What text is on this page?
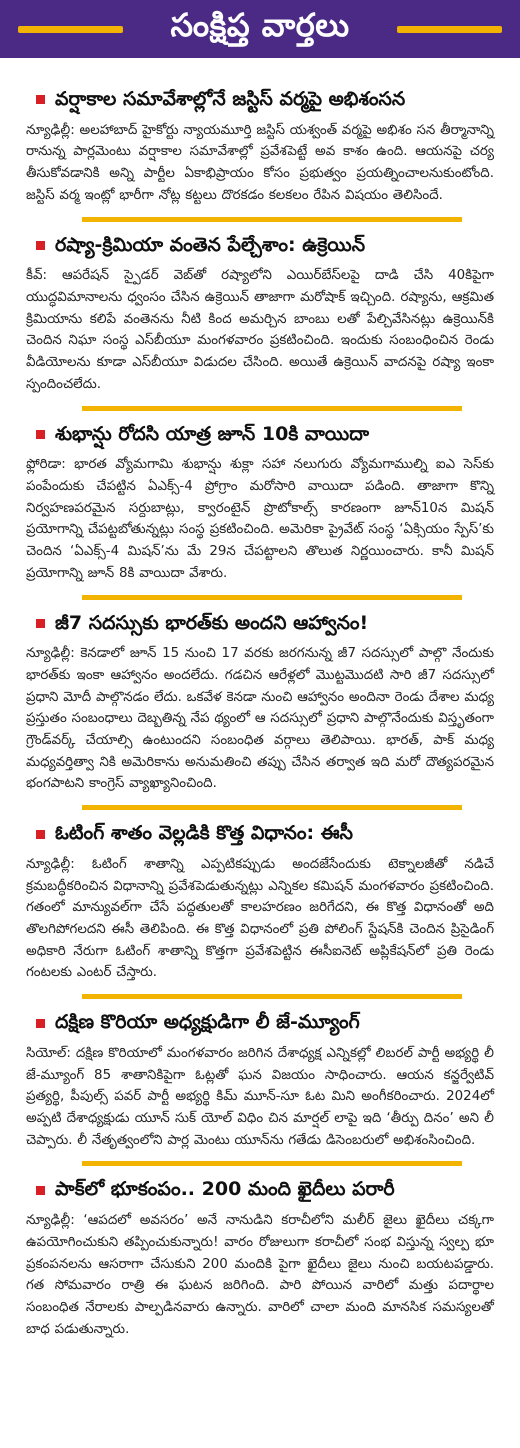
సంక్షిప్త వార్తలు
వర్షాకాల సమావేశాల్లోనే జస్టిస్ వర్మపై అభిశంసన
న్యూఢిల్లీ: అలహాబాద్ హైకోర్టు న్యాయమూర్తి జస్టిస్ యశ్వంత్ వర్మపై అభిశం సన తీర్మానాన్ని రానున్న పార్లమెంటు వర్షాకాల సమావేశాల్లో ప్రవేశపెట్టే అవ కాశం ఉంది. ఆయనపై చర్య తీసుకోవడానికి అన్ని పార్టీల ఏకాభిప్రాయం కోసం ప్రభుత్వం ప్రయత్నించాలనుకుంటోంది. జస్టిస్ వర్మ ఇంట్లో భారీగా నోట్ల కట్టలు దొరకడం కలకలం రేపిన విషయం తెలిసిందే.
రష్యా-క్రిమియా వంతెన పేల్చేశాం: ఉక్రెయిన్
కీవ్: ఆపరేషన్ స్పైడర్ వెబ్‌తో రష్యాలోని ఎయిర్‌బేస్‌లపై దాడి చేసి 40కిపైగా యుద్ధవిమానాలను ధ్వంసం చేసిన ఉక్రెయిన్ తాజాగా మరోషాక్ ఇచ్చింది. రష్యాను, ఆక్రమిత క్రిమియాను కలిపే వంతెనను నీటి కింద అమర్చిన బాంబు లతో పేల్చివేసినట్లు ఉక్రెయిన్‌కి చెందిన నిఘా సంస్థ ఎస్‌బీయూ మంగళవారం ప్రకటించింది. ఇందుకు సంబంధించిన రెండు వీడియోలను కూడా ఎస్‌బీయూ విడుదల చేసింది. అయితే ఉక్రెయిన్ వాదనపై రష్యా ఇంకా స్పందించలేదు.
శుభాన్షు రోదసి యాత్ర జూన్ 10కి వాయిదా
ఫ్లోరిడా: భారత వ్యోమగామి శుభాన్షు శుక్లా సహా నలుగురు వ్యోమగాముల్ని ఐఎ సెస్‌కు పంపేందుకు చేపట్టిన ఏఎక్స్-4 ప్రోగ్రాం మరోసారి వాయిదా పడింది. తాజాగా కొన్ని నిర్వహణపరమైన సర్దుబాట్లు, క్వారంటైన్ ప్రొటోకాల్స్ కారణంగా జూన్10న మిషన్ ప్రయోగాన్ని చేపట్టబోతున్నట్లు సంస్థ ప్రకటించింది. అమెరికా ప్రైవేట్ సంస్థ ‘ఏక్సియం స్పేస్’కు చెందిన ‘ఏఎక్స్-4 మిషన్’ను మే 29న చేపట్టాలని తొలుత నిర్ణయించారు. కానీ మిషన్ ప్రయోగాన్ని జూన్ 8కి వాయిదా వేశారు.
జీ7 సదస్సుకు భారత్‌కు అందని ఆహ్వానం!
న్యూఢిల్లీ: కెనడాలో జూన్ 15 నుంచి 17 వరకు జరగనున్న జీ7 సదస్సులో పాల్గొ నేందుకు భారత్‌కు ఇంకా ఆహ్వానం అందలేదు. గడచిన ఆరేళ్లలో మొట్టమొదటి సారి జీ7 సదస్సులో ప్రధాని మోదీ పాల్గొనడం లేదు. ఒకవేళ కెనడా నుంచి ఆహ్వానం అందినా రెండు దేశాల మధ్య ప్రస్తుతం సంబంధాలు దెబ్బతిన్న నేప థ్యంలో ఆ సదస్సులో ప్రధాని పాల్గొనేందుకు విస్తృతంగా గ్రౌండ్‌వర్క్ చేయాల్సి ఉంటుందని సంబంధిత వర్గాలు తెలిపాయి. భారత్, పాక్ మధ్య మధ్యవర్తిత్వా నికి అమెరికాను అనుమతించి తప్పు చేసిన తర్వాత ఇది మరో దౌత్యపరమైన భంగపాటని కాంగ్రెస్ వ్యాఖ్యానించింది.
ఓటింగ్ శాతం వెల్లడికి కొత్త విధానం: ఈసీ
న్యూఢిల్లీ: ఓటింగ్ శాతాన్ని ఎప్పటికప్పుడు అందజేసేందుకు టెక్నాలజీతో నడిచే క్రమబద్ధీకరించిన విధానాన్ని ప్రవేశపెడుతున్నట్లు ఎన్నికల కమిషన్ మంగళవారం ప్రకటించింది. గతంలో మాన్యువల్‌గా చేసే పద్ధతులతో కాలహరణం జరిగేదని, ఈ కొత్త విధానంతో అది తొలగిపోగలదని ఈసీ తెలిపింది. ఈ కొత్త విధానంలో ప్రతి పోలింగ్ స్టేషన్‌కి చెందిన ప్రిసైడింగ్ అధికారి నేరుగా ఓటింగ్ శాతాన్ని కొత్తగా ప్రవేశపెట్టిన ఈసీఐనెట్ అప్లికేషన్‌లో ప్రతి రెండు గంటలకు ఎంటర్ చేస్తారు.
దక్షిణ కొరియా అధ్యక్షుడిగా లీ జే-మ్యూంగ్
సియోల్: దక్షిణ కొరియాలో మంగళవారం జరిగిన దేశాధ్యక్ష ఎన్నికల్లో లిబరల్ పార్టీ అభ్యర్థి లీ జే-మ్యూంగ్ 85 శాతానికిపైగా ఓట్లతో ఘన విజయం సాధించారు. ఆయన కన్జర్వేటివ్ ప్రత్యర్థి, పీపుల్స్ పవర్ పార్టీ అభ్యర్థి కిమ్ మూన్-సూ ఓట మిని అంగీకరించారు. 2024లో అప్పటి దేశాధ్యక్షుడు యూన్ సుక్ యోల్ విధిం చిన మార్షల్ లాపై ఇది ‘తీర్పు దినం’ అని లీ చెప్పారు. లీ నేతృత్వంలోని పార్ల మెంటు యూన్‌ను గతేడు డిసెంబరులో అభిశంసించింది.
పాక్‌లో భూకంపం.. 200 మంది ఖైదీలు పరారీ
న్యూఢిల్లీ: ‘ఆపదలో అవసరం’ అనే నానుడిని కరాచీలోని మలీర్ జైలు ఖైదీలు చక్కగా ఉపయోగించుకుని తప్పించుకున్నారు! వారం రోజులుగా కరాచీలో సంభ విస్తున్న స్వల్ప భూ ప్రకంపనలను ఆసరాగా చేసుకుని 200 మందికి పైగా ఖైదీలు జైలు నుంచి బయటపడ్డారు. గత సోమవారం రాత్రి ఈ ఘటన జరిగింది. పారి పోయిన వారిలో మత్తు పదార్థాల సంబంధిత నేరాలకు పాల్పడినవారు ఉన్నారు. వారిలో చాలా మంది మానసిక సమస్యలతో బాధ పడుతున్నారు.
